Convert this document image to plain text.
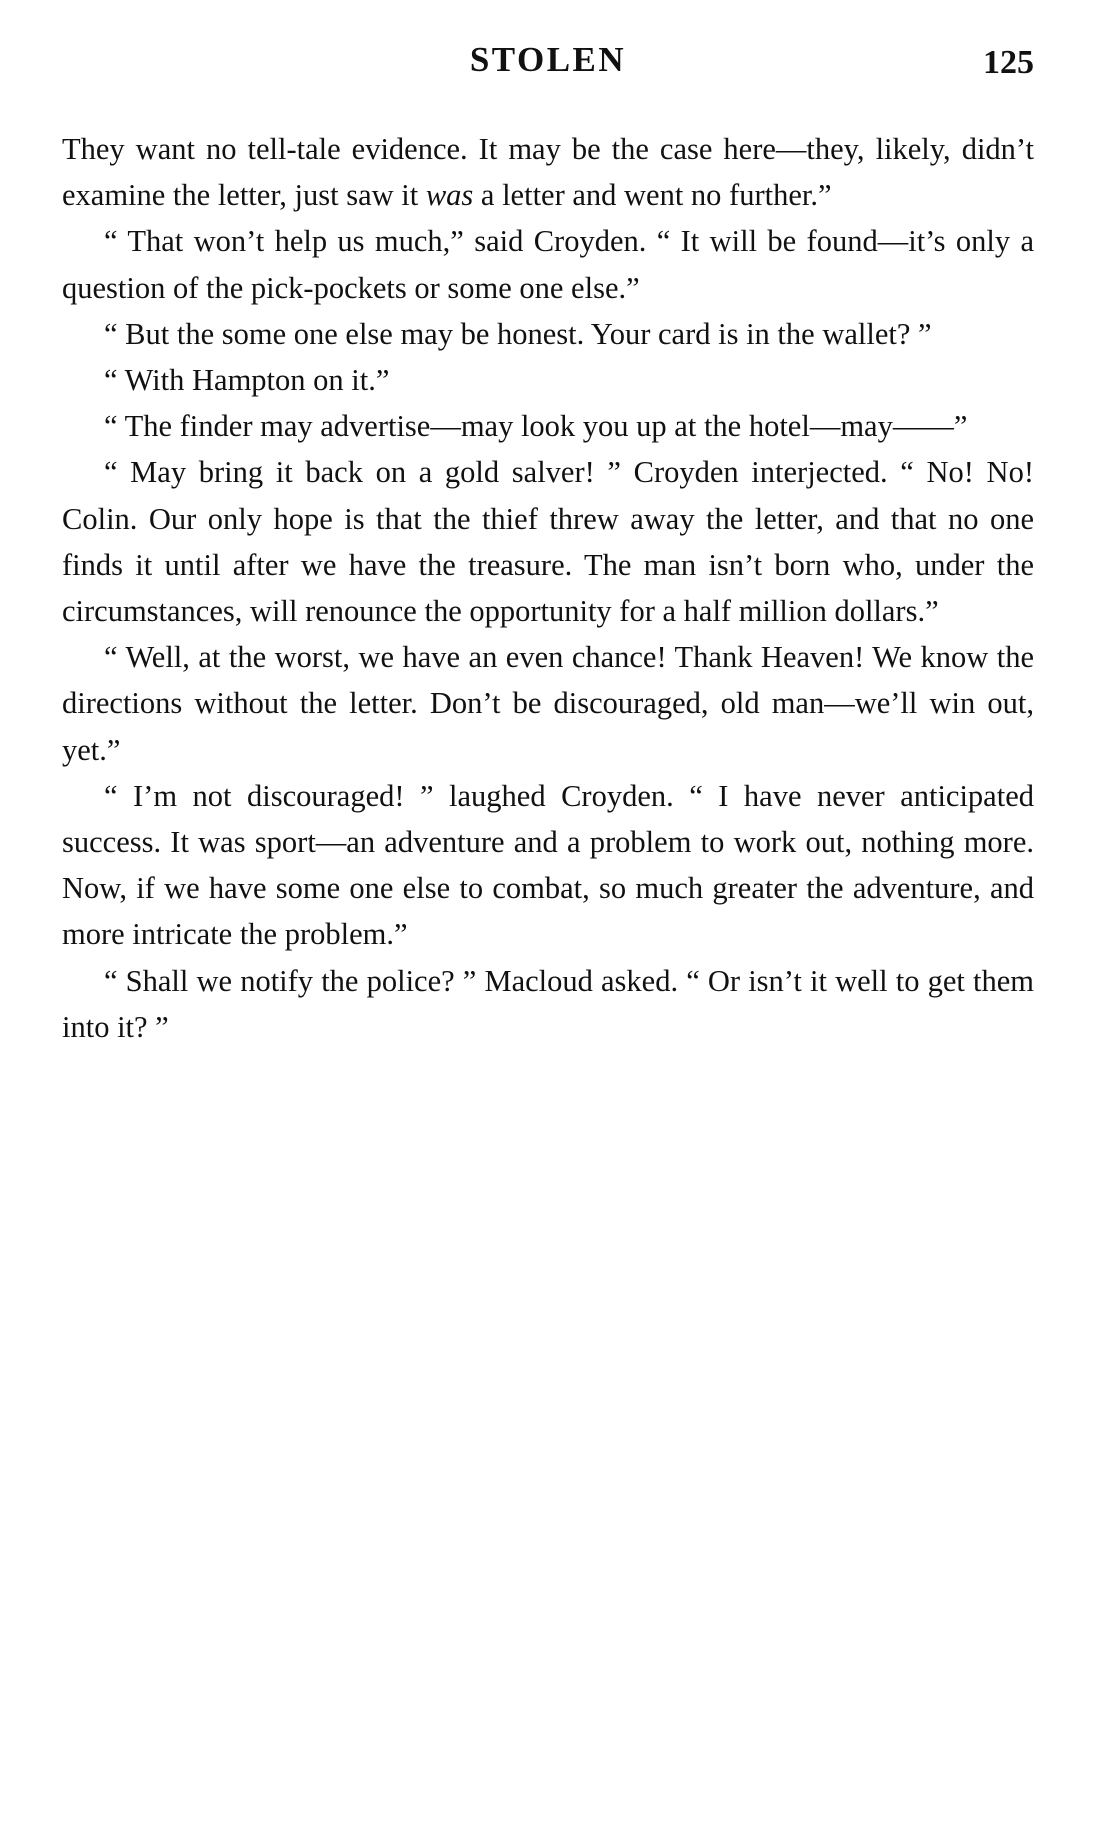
STOLEN	125

They want no tell-tale evidence. It may be the case here—they, likely, didn’t examine the letter, just saw it was a letter and went no further.”

“ That won’t help us much,” said Croyden. “ It will be found—it’s only a question of the pick-pockets or some one else.”

“ But the some one else may be honest. Your card is in the wallet? ”

“ With Hampton on it.”

“ The finder may advertise—may look you up at the hotel—may——”

“ May bring it back on a gold salver! ” Croyden interjected. “ No! No! Colin. Our only hope is that the thief threw away the letter, and that no one finds it until after we have the treasure. The man isn’t born who, under the circumstances, will renounce the opportunity for a half million dollars.”

“ Well, at the worst, we have an even chance! Thank Heaven! We know the directions without the letter. Don’t be discouraged, old man—we’ll win out, yet.”

“ I’m not discouraged! ” laughed Croyden. “ I have never anticipated success. It was sport—an adventure and a problem to work out, nothing more. Now, if we have some one else to combat, so much greater the adventure, and more intricate the problem.”

“ Shall we notify the police? ” Macloud asked. “ Or isn’t it well to get them into it? ”
